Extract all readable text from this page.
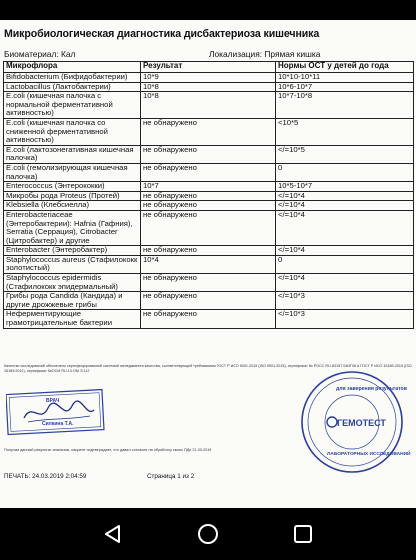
Микробиологическая диагностика дисбактериоза кишечника
Биоматериал: Кал	Локализация: Прямая кишка
Микрофлора	Результат	Нормы ОСТ у детей до года
Bifidobacterium (Бифидобактерии)	10*9	10*10-10*11
Lactobacillus (Лактобактерии)	10*8	10*6-10*7
E.coli (кишечная палочка с нормальной ферментативной активностью)	10*8	10*7-10*8
E.coli (кишечная палочка со сниженной ферментативной активностью)	не обнаружено	<10*5
E.coli (лактозонегативная кишечная палочка)	не обнаружено	</=10*5
E.coli (гемолизирующая кишечная палочка)	не обнаружено	0
Enterococcus (Энтерококки)	10*7	10*5-10*7
Микробы рода Proteus (Протей)	не обнаружено	</=10*4
Klebsiella (Клебсиелла)	не обнаружено	</=10*4
Enterobacteriaceae (Энтеробактерии): Hafnia (Гафния), Serratia (Серрация), Citrobacter (Цитробактер) и другие	не обнаружено	</=10*4
Enterobacter (Энтеробактер)	не обнаружено	</=10*4
Staphylococcus aureus (Стафилококк золотистый)	10*4	0
Staphylococcus epidermidis (Стафилококк эпидермальный)	не обнаружено	</=10*4
Грибы рода Candida (Кандида) и другие дрожжевые грибы	не обнаружено	</=10*3
Неферментирующие грамотрицательные бактерии	не обнаружено	</=10*3
Качество исследований обеспечено сертифицированной системой менеджмента качества, соответствующей требованиям ГОСТ Р ИСО 9001-2015 (ISO 9001:2015), сертификат № РОСС RU.И1157.04ИГ06 и ГОСТ Р ИСО 15189-2015 (ISO 15189:2012), сертификат №ОСМ RU.13.ОМ.Э.112
ВРАЧ
Силкина Т.А.
для заверения результатов
ГЕМОТЕСТ
ЛАБОРАТОРНЫХ ИССЛЕДОВАНИЙ
Получая данный результат анализов, пациент подтверждает, что давал согласие на обработку своих ПДн 21.03.2019
ПЕЧАТЬ: 24.03.2019 2:04:59	Страница 1 из 2
